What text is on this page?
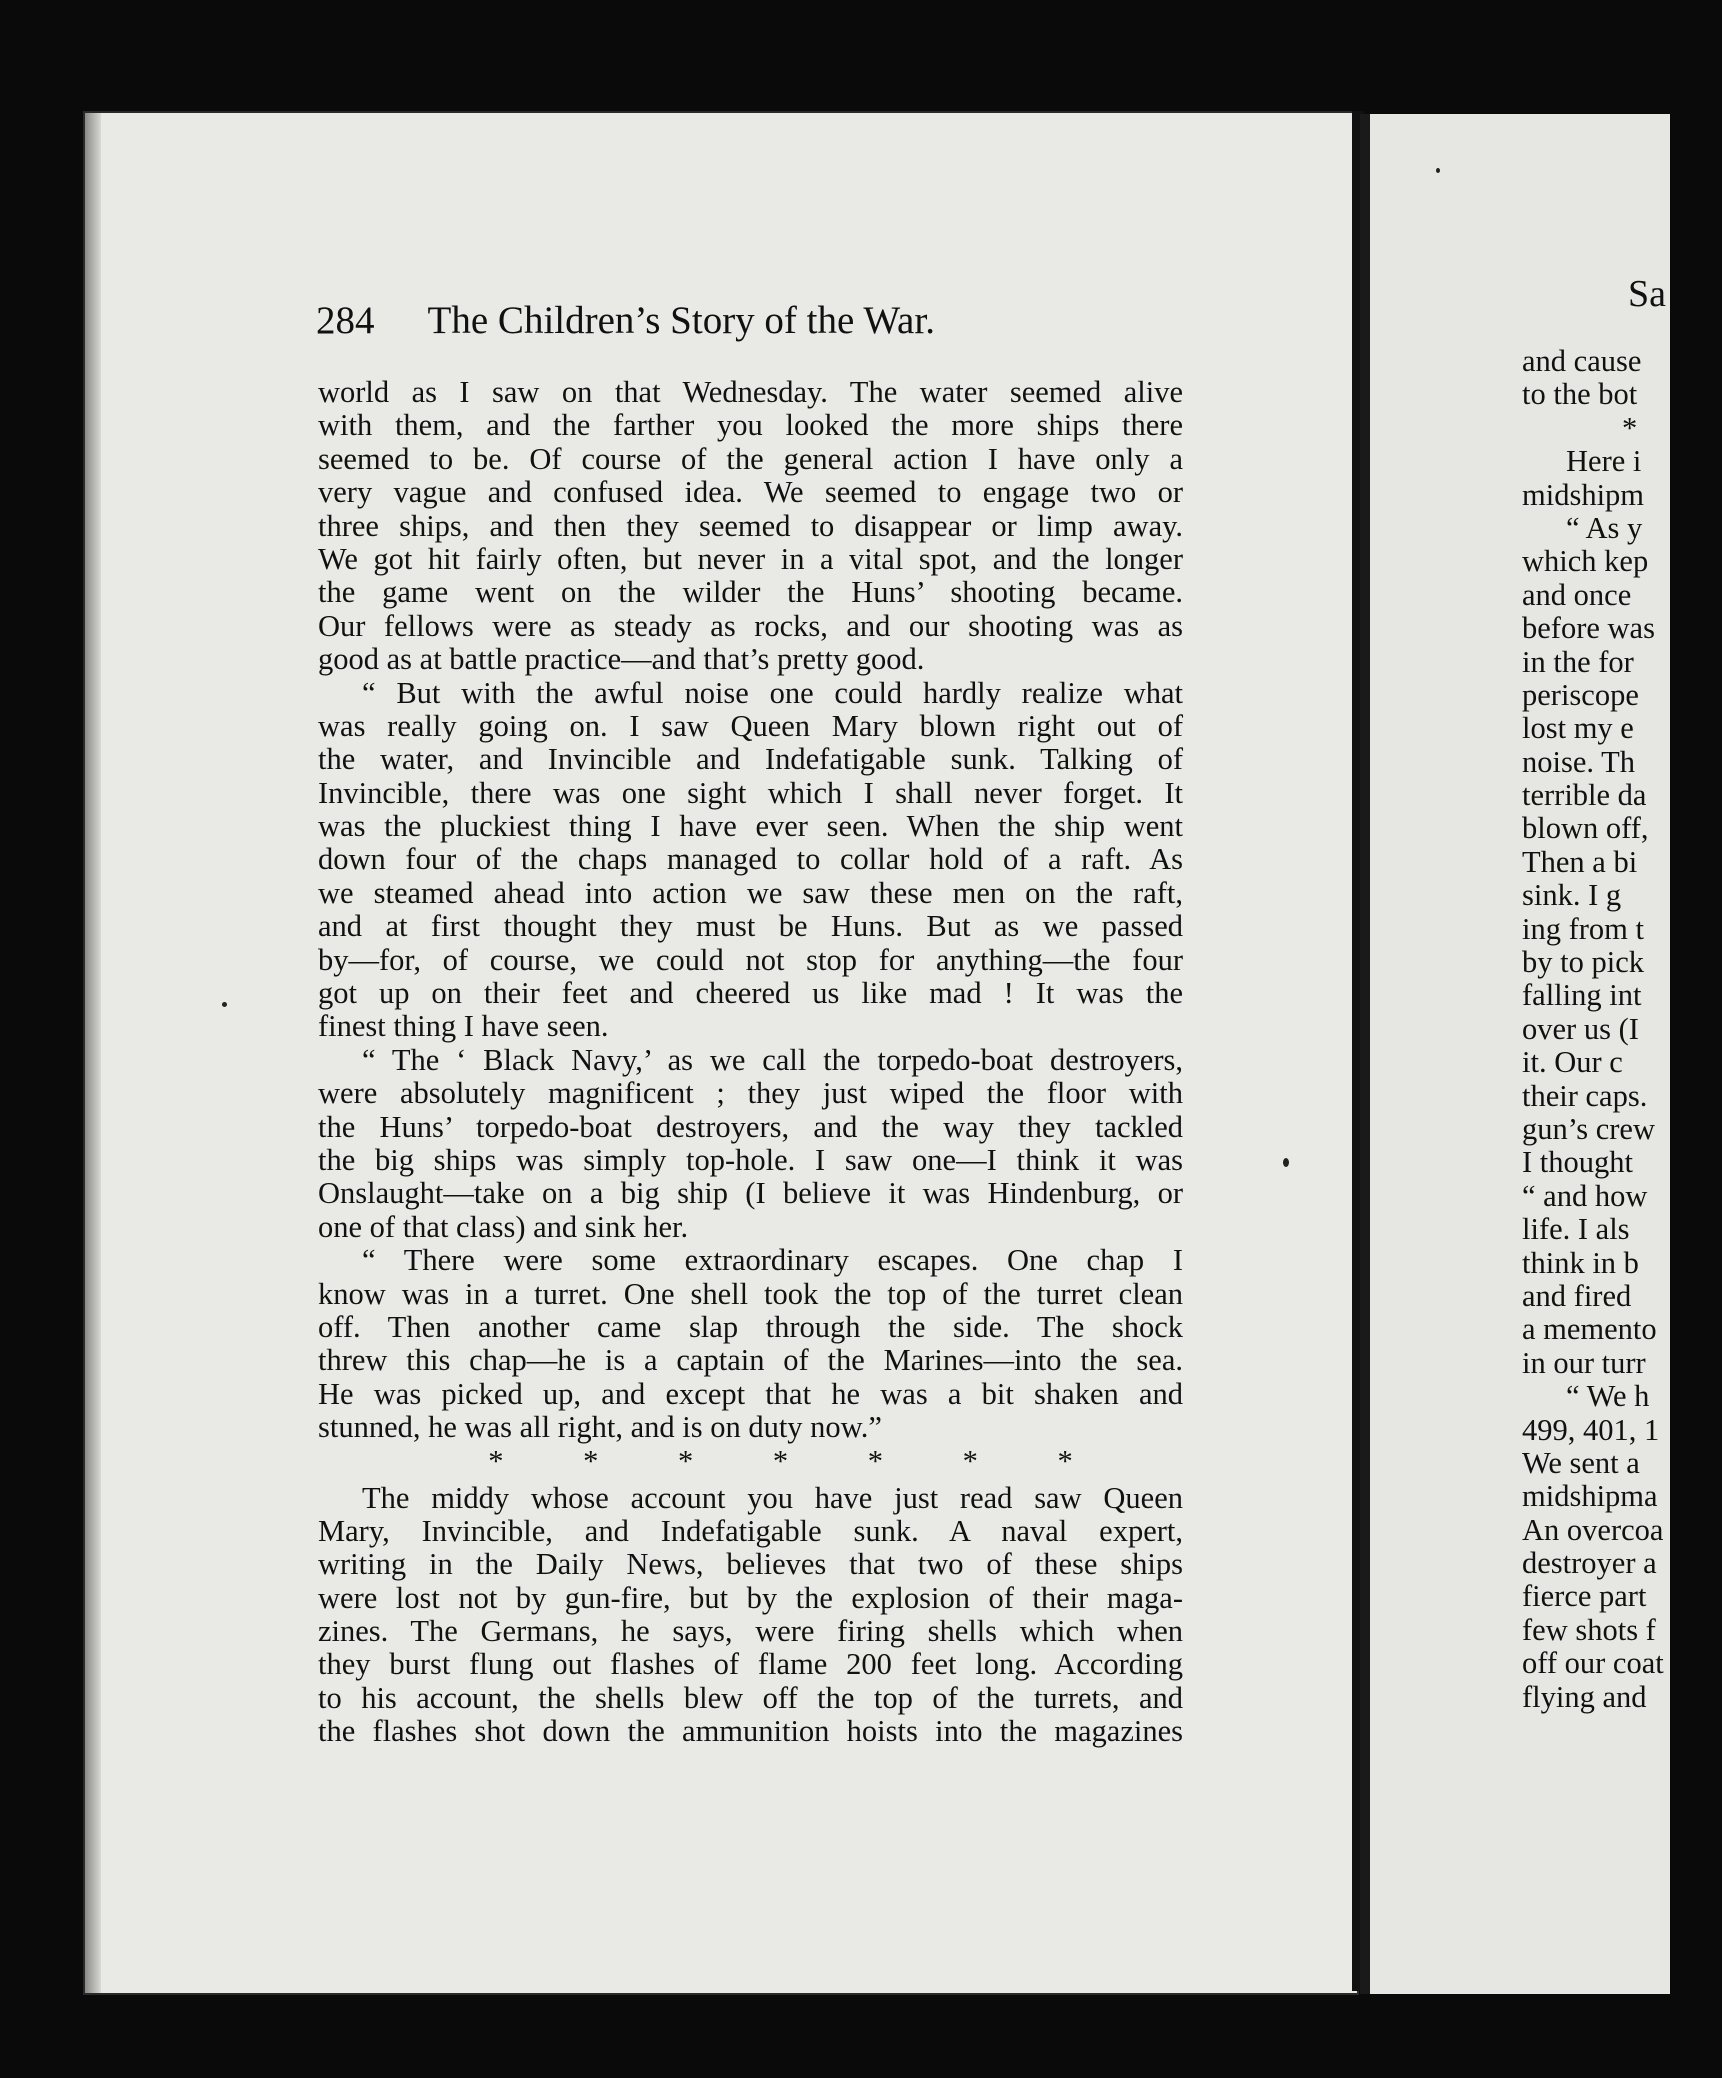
284 The Children’s Story of the War.
world as I saw on that Wednesday. The water seemed alive
with them, and the farther you looked the more ships there
seemed to be. Of course of the general action I have only a
very vague and confused idea. We seemed to engage two or
three ships, and then they seemed to disappear or limp away.
We got hit fairly often, but never in a vital spot, and the longer
the game went on the wilder the Huns’ shooting became.
Our fellows were as steady as rocks, and our shooting was as
good as at battle practice—and that’s pretty good.
“ But with the awful noise one could hardly realize what
was really going on. I saw Queen Mary blown right out of
the water, and Invincible and Indefatigable sunk. Talking of
Invincible, there was one sight which I shall never forget. It
was the pluckiest thing I have ever seen. When the ship went
down four of the chaps managed to collar hold of a raft. As
we steamed ahead into action we saw these men on the raft,
and at first thought they must be Huns. But as we passed
by—for, of course, we could not stop for anything—the four
got up on their feet and cheered us like mad ! It was the
finest thing I have seen.
“ The ‘ Black Navy,’ as we call the torpedo-boat destroyers,
were absolutely magnificent ; they just wiped the floor with
the Huns’ torpedo-boat destroyers, and the way they tackled
the big ships was simply top-hole. I saw one—I think it was
Onslaught—take on a big ship (I believe it was Hindenburg, or
one of that class) and sink her.
“ There were some extraordinary escapes. One chap I
know was in a turret. One shell took the top of the turret clean
off. Then another came slap through the side. The shock
threw this chap—he is a captain of the Marines—into the sea.
He was picked up, and except that he was a bit shaken and
stunned, he was all right, and is on duty now.”
* * * * * * *
The middy whose account you have just read saw Queen
Mary, Invincible, and Indefatigable sunk. A naval expert,
writing in the Daily News, believes that two of these ships
were lost not by gun-fire, but by the explosion of their maga-
zines. The Germans, he says, were firing shells which when
they burst flung out flashes of flame 200 feet long. According
to his account, the shells blew off the top of the turrets, and
the flashes shot down the ammunition hoists into the magazines
Sa
and cause
to the bot
*
Here i
midshipm
“ As y
which kep
and once
before was
in the for
periscope
lost my e
noise. Th
terrible da
blown off,
Then a bi
sink. I g
ing from t
by to pick
falling int
over us (I
it. Our c
their caps.
gun’s crew
I thought
“ and how
life. I als
think in b
and fired
a memento
in our turr
“ We h
499, 401, 1
We sent a
midshipma
An overcoa
destroyer a
fierce part
few shots f
off our coat
flying and
